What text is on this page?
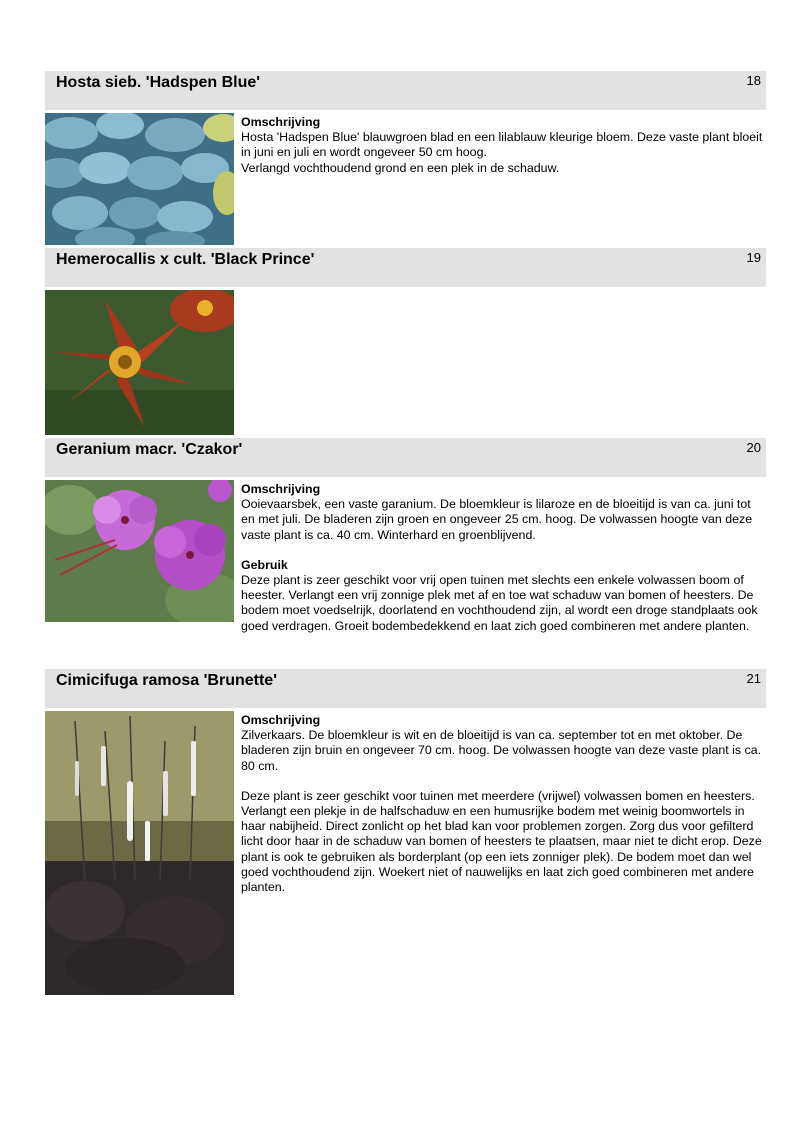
Hosta sieb. 'Hadspen Blue'	18
Omschrijving

Hosta 'Hadspen Blue' blauwgroen blad en een lilablauw kleurige bloem. Deze vaste plant bloeit in juni en juli en wordt ongeveer 50 cm hoog.

Verlangd vochthoudend grond en een plek in de schaduw.

Hemerocallis x cult. 'Black Prince'	19
Geranium macr. 'Czakor'	20
Omschrijving

Ooievaarsbek, een vaste garanium. De bloemkleur is lilaroze en de bloeitijd is van ca. juni tot en met juli. De bladeren zijn groen en ongeveer 25 cm. hoog. De volwassen hoogte van deze vaste plant is ca. 40 cm. Winterhard en groenblijvend.

Gebruik

Deze plant is zeer geschikt voor vrij open tuinen met slechts een enkele volwassen boom of heester. Verlangt een vrij zonnige plek met af en toe wat schaduw van bomen of heesters. De bodem moet voedselrijk, doorlatend en vochthoudend zijn, al wordt een droge standplaats ook goed verdragen. Groeit bodembedekkend en laat zich goed combineren met andere planten.

Cimicifuga ramosa 'Brunette'	21
Omschrijving

Zilverkaars. De bloemkleur is wit en de bloeitijd is van ca. september tot en met oktober. De bladeren zijn bruin en ongeveer 70 cm. hoog. De volwassen hoogte van deze vaste plant is ca. 80 cm.

Deze plant is zeer geschikt voor tuinen met meerdere (vrijwel) volwassen bomen en heesters. Verlangt een plekje in de halfschaduw en een humusrijke bodem met weinig boomwortels in haar nabijheid. Direct zonlicht op het blad kan voor problemen zorgen. Zorg dus voor gefilterd licht door haar in de schaduw van bomen of heesters te plaatsen, maar niet te dicht erop. Deze plant is ook te gebruiken als borderplant (op een iets zonniger plek). De bodem moet dan wel goed vochthoudend zijn. Woekert niet of nauwelijks en laat zich goed combineren met andere planten.
